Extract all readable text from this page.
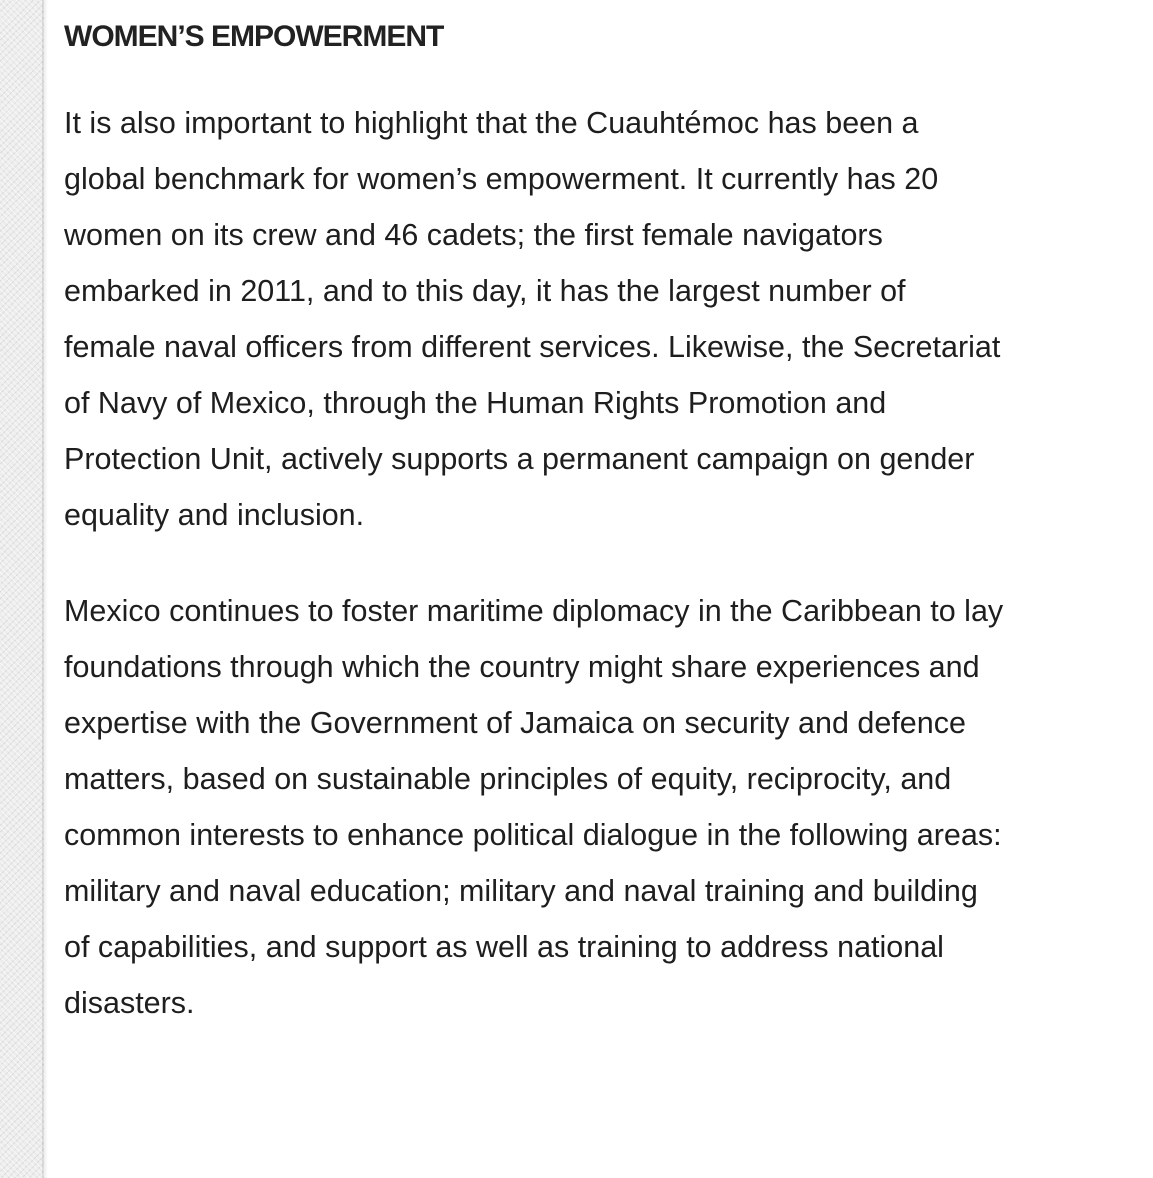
WOMEN’S EMPOWERMENT

It is also important to highlight that the Cuauhtémoc has been a global benchmark for women’s empowerment. It currently has 20 women on its crew and 46 cadets; the first female navigators embarked in 2011, and to this day, it has the largest number of female naval officers from different services. Likewise, the Secretariat of Navy of Mexico, through the Human Rights Promotion and Protection Unit, actively supports a permanent campaign on gender equality and inclusion.

Mexico continues to foster maritime diplomacy in the Caribbean to lay foundations through which the country might share experiences and expertise with the Government of Jamaica on security and defence matters, based on sustainable principles of equity, reciprocity, and common interests to enhance political dialogue in the following areas: military and naval education; military and naval training and building of capabilities, and support as well as training to address national disasters.
